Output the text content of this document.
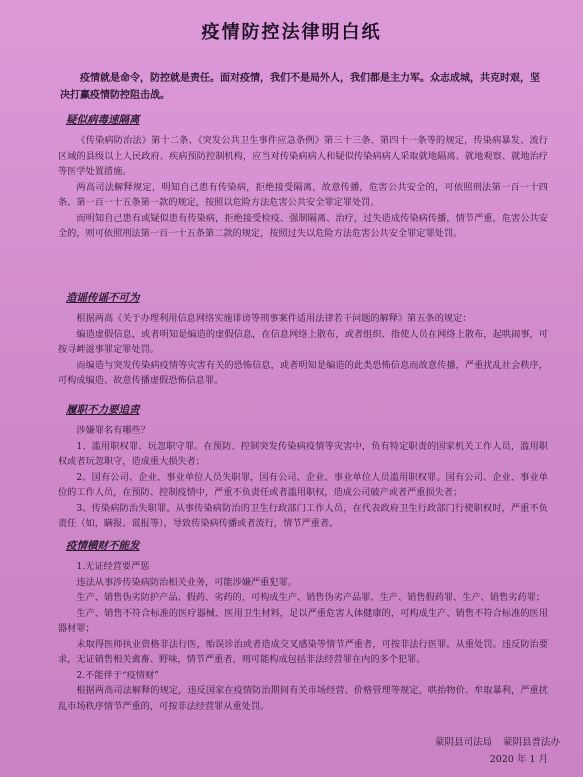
疫情防控法律明白纸
疫情就是命令，防控就是责任。面对疫情，我们不是局外人，我们都是主力军。众志成城，共克时艰，坚决打赢疫情防控阻击战。
疑似病毒速隔离

《传染病防治法》第十二条、《突发公共卫生事件应急条例》第三十三条、第四十一条等的规定，传染病暴发、流行区域的县级以上人民政府、疾病预防控制机构，应当对传染病病人和疑似传染病病人采取就地隔离、就地观察、就地治疗等医学处置措施。

两高司法解释规定，明知自己患有传染病，拒绝接受隔离，故意传播，危害公共安全的，可依照刑法第一百一十四条、第一百一十五条第一款的规定，按照以危险方法危害公共安全罪定罪处罚。

而明知自己患有或疑似患有传染病，拒绝接受检疫、强制隔离、治疗，过失造成传染病传播，情节严重，危害公共安全的，则可依照刑法第一百一十五条第二款的规定，按照过失以危险方法危害公共安全罪定罪处罚。

造谣传谣不可为

根据两高《关于办理利用信息网络实施诽谤等刑事案件适用法律若干问题的解释》第五条的规定：

编造虚假信息，或者明知是编造的虚假信息，在信息网络上散布，或者组织、指使人员在网络上散布，起哄闹事，可按寻衅滋事罪定罪处罚。

而编造与突发传染病疫情等灾害有关的恐怖信息，或者明知是编造的此类恐怖信息而故意传播，严重扰乱社会秩序，可构成编造、故意传播虚假恐怖信息罪。

履职不力要追责

涉嫌罪名有哪些？

1、滥用职权罪、玩忽职守罪。在预防、控制突发传染病疫情等灾害中，负有特定职责的国家机关工作人员，滥用职权或者玩忽职守，造成重大损失者；

2、国有公司、企业、事业单位人员失职罪，国有公司、企业、事业单位人员滥用职权罪。国有公司、企业、事业单位的工作人员，在预防、控制疫情中，严重不负责任或者滥用职权，造成公司破产或者严重损失者；

3、传染病防治失职罪。从事传染病防治的卫生行政部门工作人员，在代表政府卫生行政部门行使职权时，严重不负责任（如，瞒报、谎报等），导致传染病传播或者流行，情节严重者。

疫情横财不能发

1.无证经营要严惩

违法从事涉传染病防治相关业务，可能涉嫌严重犯罪。

生产、销售伪劣防护产品、假药、劣药的，可构成生产、销售伪劣产品罪、生产、销售假药罪、生产、销售劣药罪；

生产、销售不符合标准的医疗器械、医用卫生材料，足以严重危害人体健康的，可构成生产、销售不符合标准的医用器材罪；

未取得医师执业资格非法行医，贻误诊治或者造成交叉感染等情节严重者，可按非法行医罪。从重处罚。违反防治要求，无证销售相关禽畜、野味，情节严重者，则可能构成包括非法经营罪在内的多个犯罪。

2.不能伴于“疫情财”

根据两高司法解释的规定，违反国家在疫情防治期间有关市场经营、价格管理等规定，哄抬物价、牟取暴利，严重扰乱市场秩序情节严重的，可按非法经营罪从重处罚。

蒙阴县司法局 蒙阴县普法办
2020 年 1 月
